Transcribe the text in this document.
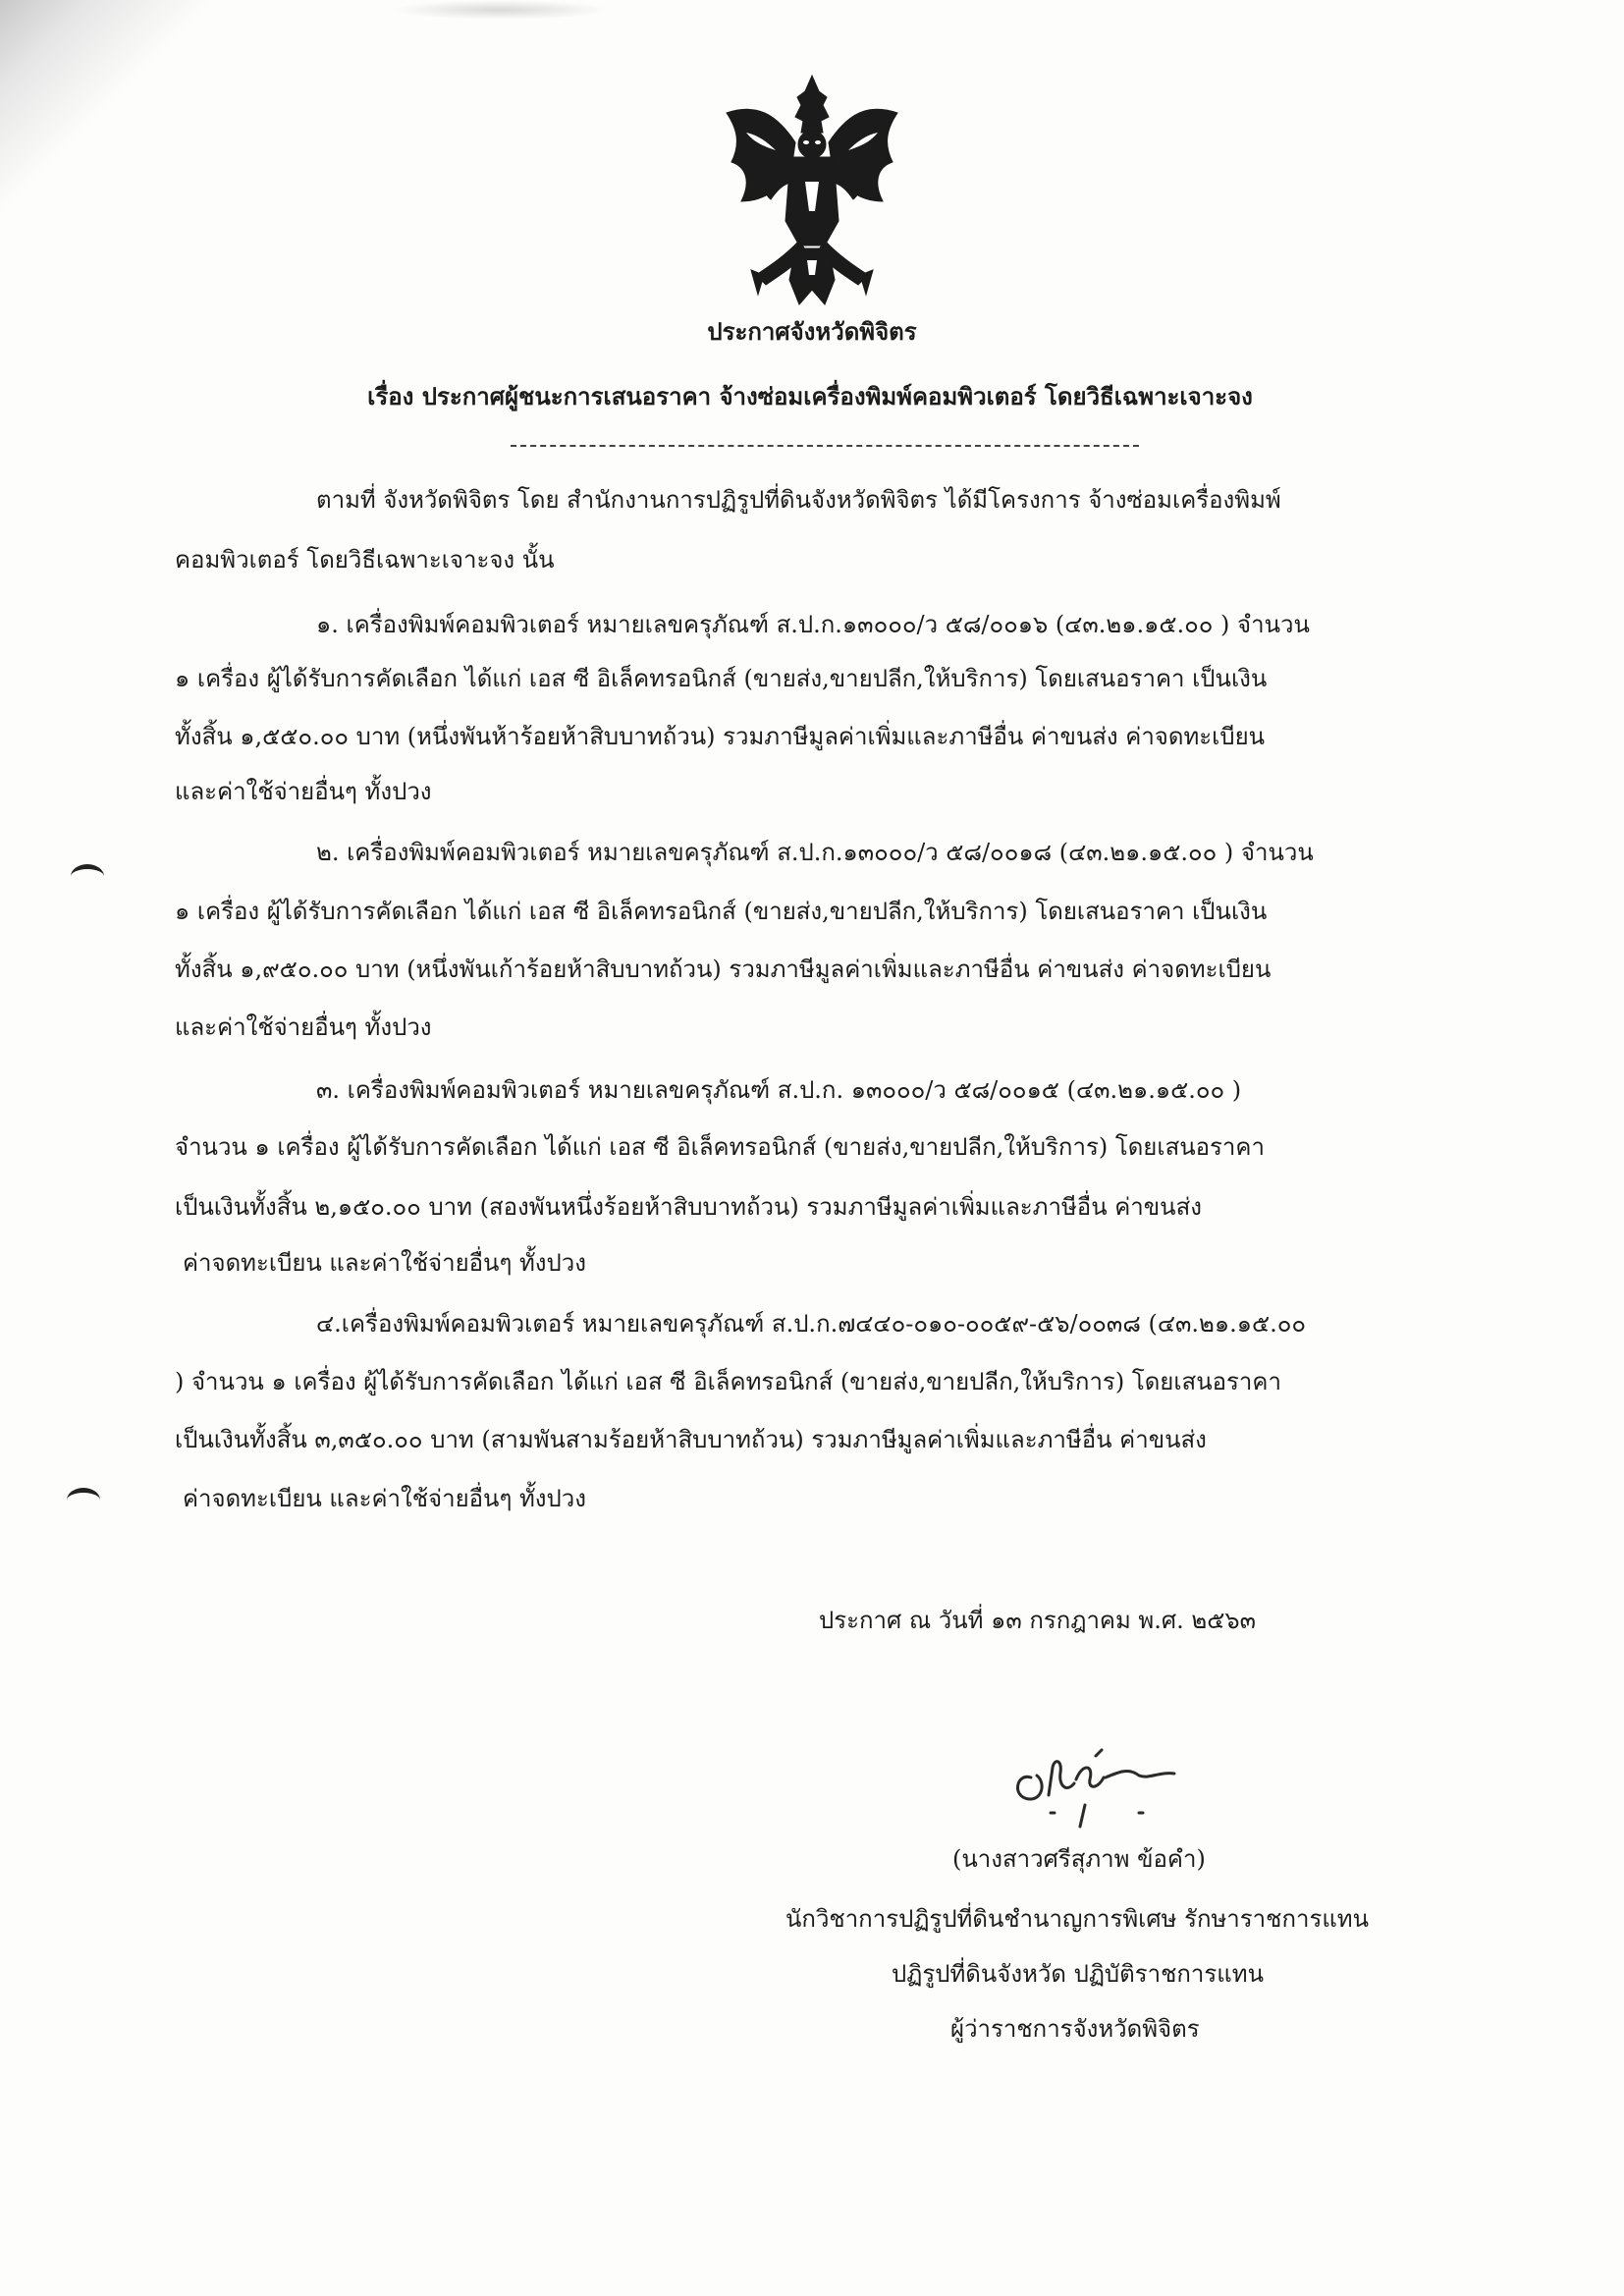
ประกาศจังหวัดพิจิตร
เรื่อง ประกาศผู้ชนะการเสนอราคา จ้างซ่อมเครื่องพิมพ์คอมพิวเตอร์ โดยวิธีเฉพาะเจาะจง
ตามที่ จังหวัดพิจิตร โดย สำนักงานการปฏิรูปที่ดินจังหวัดพิจิตร ได้มีโครงการ จ้างซ่อมเครื่องพิมพ์
คอมพิวเตอร์ โดยวิธีเฉพาะเจาะจง นั้น
๑. เครื่องพิมพ์คอมพิวเตอร์ หมายเลขครุภัณฑ์ ส.ป.ก.๑๓๐๐๐/ว ๕๘/๐๐๑๖ (๔๓.๒๑.๑๕.๐๐ ) จำนวน
๑ เครื่อง ผู้ได้รับการคัดเลือก ได้แก่ เอส ซี อิเล็คทรอนิกส์ (ขายส่ง,ขายปลีก,ให้บริการ) โดยเสนอราคา เป็นเงิน
ทั้งสิ้น ๑,๕๕๐.๐๐ บาท (หนึ่งพันห้าร้อยห้าสิบบาทถ้วน) รวมภาษีมูลค่าเพิ่มและภาษีอื่น ค่าขนส่ง ค่าจดทะเบียน
และค่าใช้จ่ายอื่นๆ ทั้งปวง
๒. เครื่องพิมพ์คอมพิวเตอร์ หมายเลขครุภัณฑ์ ส.ป.ก.๑๓๐๐๐/ว ๕๘/๐๐๑๘ (๔๓.๒๑.๑๕.๐๐ ) จำนวน
๑ เครื่อง ผู้ได้รับการคัดเลือก ได้แก่ เอส ซี อิเล็คทรอนิกส์ (ขายส่ง,ขายปลีก,ให้บริการ) โดยเสนอราคา เป็นเงิน
ทั้งสิ้น ๑,๙๕๐.๐๐ บาท (หนึ่งพันเก้าร้อยห้าสิบบาทถ้วน) รวมภาษีมูลค่าเพิ่มและภาษีอื่น ค่าขนส่ง ค่าจดทะเบียน
และค่าใช้จ่ายอื่นๆ ทั้งปวง
๓. เครื่องพิมพ์คอมพิวเตอร์ หมายเลขครุภัณฑ์ ส.ป.ก. ๑๓๐๐๐/ว ๕๘/๐๐๑๕ (๔๓.๒๑.๑๕.๐๐ )
จำนวน ๑ เครื่อง ผู้ได้รับการคัดเลือก ได้แก่ เอส ซี อิเล็คทรอนิกส์ (ขายส่ง,ขายปลีก,ให้บริการ) โดยเสนอราคา
เป็นเงินทั้งสิ้น ๒,๑๕๐.๐๐ บาท (สองพันหนึ่งร้อยห้าสิบบาทถ้วน) รวมภาษีมูลค่าเพิ่มและภาษีอื่น ค่าขนส่ง
ค่าจดทะเบียน และค่าใช้จ่ายอื่นๆ ทั้งปวง
๔.เครื่องพิมพ์คอมพิวเตอร์ หมายเลขครุภัณฑ์ ส.ป.ก.๗๔๔๐-๐๑๐-๐๐๕๙-๕๖/๐๐๓๘ (๔๓.๒๑.๑๕.๐๐
) จำนวน ๑ เครื่อง ผู้ได้รับการคัดเลือก ได้แก่ เอส ซี อิเล็คทรอนิกส์ (ขายส่ง,ขายปลีก,ให้บริการ) โดยเสนอราคา
เป็นเงินทั้งสิ้น ๓,๓๕๐.๐๐ บาท (สามพันสามร้อยห้าสิบบาทถ้วน) รวมภาษีมูลค่าเพิ่มและภาษีอื่น ค่าขนส่ง
ค่าจดทะเบียน และค่าใช้จ่ายอื่นๆ ทั้งปวง
ประกาศ ณ วันที่ ๑๓ กรกฎาคม พ.ศ. ๒๕๖๓
(นางสาวศรีสุภาพ ข้อคำ)
นักวิชาการปฏิรูปที่ดินชำนาญการพิเศษ รักษาราชการแทน
ปฏิรูปที่ดินจังหวัด ปฏิบัติราชการแทน
ผู้ว่าราชการจังหวัดพิจิตร
